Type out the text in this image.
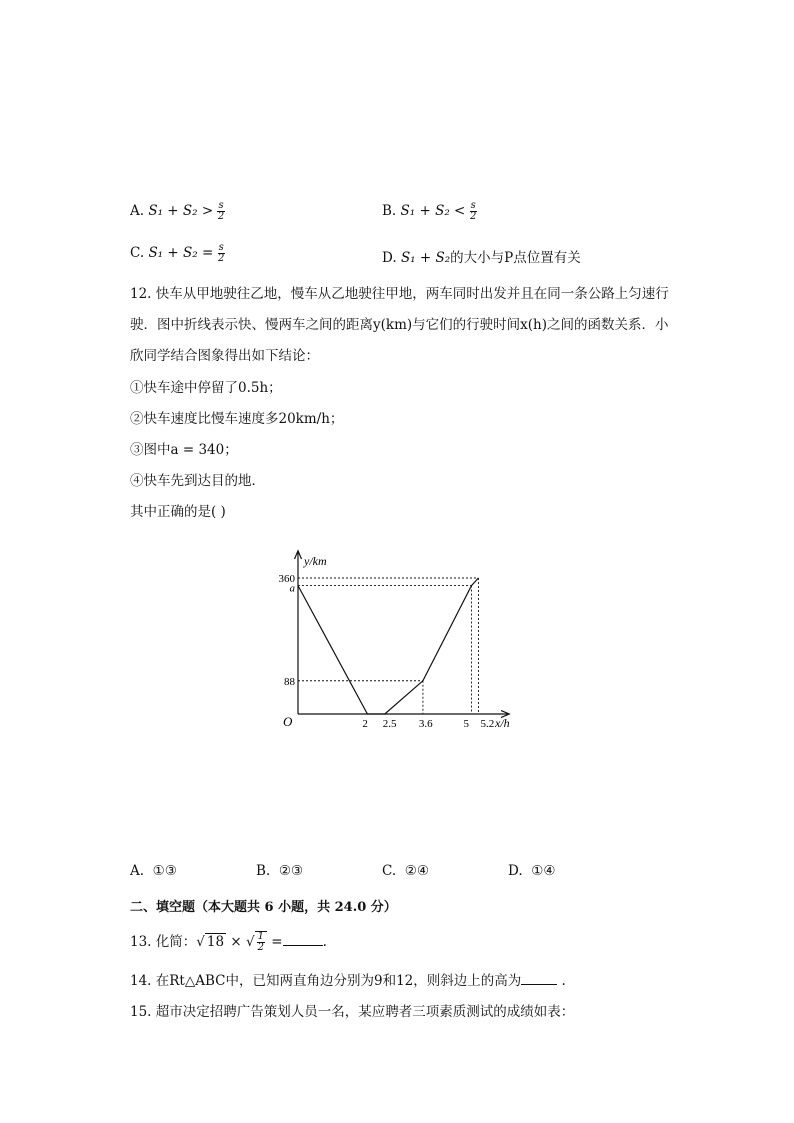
A. $S_1 + S_2 > \frac{s}{2}$	B. $S_1 + S_2 < \frac{s}{2}$
C. $S_1 + S_2 = \frac{s}{2}$	D. S₁ + S₂的大小与P点位置有关
12. 快车从甲地驶往乙地，慢车从乙地驶往甲地，两车同时出发并且在同一条公路上匀速行
驶．图中折线表示快、慢两车之间的距离y(km)与它们的行驶时间x(h)之间的函数关系．小
欣同学结合图象得出如下结论：
①快车途中停留了0.5h；
②快车速度比慢车速度多20km/h；
③图中a = 340；
④快车先到达目的地．
其中正确的是( )
y/km
x/h
O	2 2.5 3.6	5 5.2
360
a
88
A. ①③	B. ②③	C. ②④	D. ①④
二、填空题（本大题共 6 小题，共 24.0 分）
13. 化简：√ 18 × √ $\frac{1}{2}$ =	.
14. 在Rt△ABC中，已知两直角边分别为9和12，则斜边上的高为	.
15. 超市决定招聘广告策划人员一名，某应聘者三项素质测试的成绩如表：
